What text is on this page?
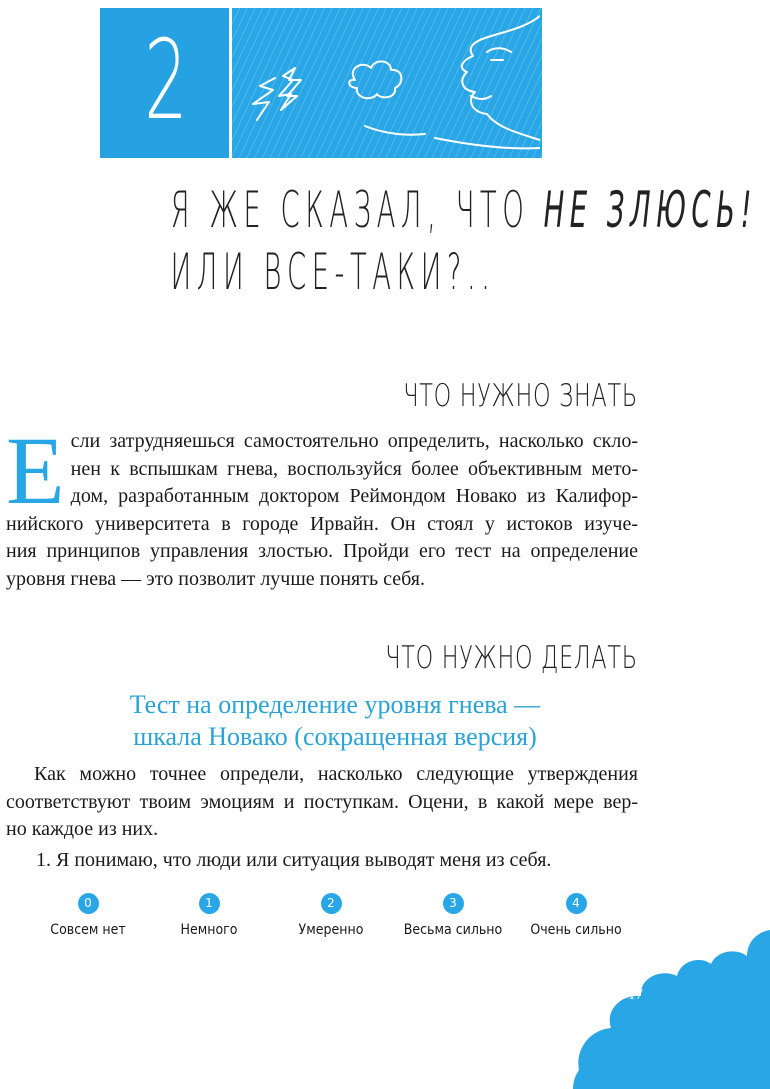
2
Я ЖЕ СКАЗАЛ, ЧТО НЕ ЗЛЮСЬ!
ИЛИ ВСЕ-ТАКИ?..
ЧТО НУЖНО ЗНАТЬ
Е сли затрудняешься самостоятельно определить, насколько скло-
нен к вспышкам гнева, воспользуйся более объективным мето-
дом, разработанным доктором Реймондом Новако из Калифор-
нийского университета в городе Ирвайн. Он стоял у истоков изуче-
ния принципов управления злостью. Пройди его тест на определение
уровня гнева — это позволит лучше понять себя.
ЧТО НУЖНО ДЕЛАТЬ
Тест на определение уровня гнева —
шкала Новако (сокращенная версия)
Как можно точнее определи, насколько следующие утверждения
соответствуют твоим эмоциям и поступкам. Оцени, в какой мере вер-
но каждое из них.
1. Я понимаю, что люди или ситуация выводят меня из себя.
0
Совсем нет
1
Немного
2
Умеренно
3
Весьма сильно
4
Очень сильно
17
